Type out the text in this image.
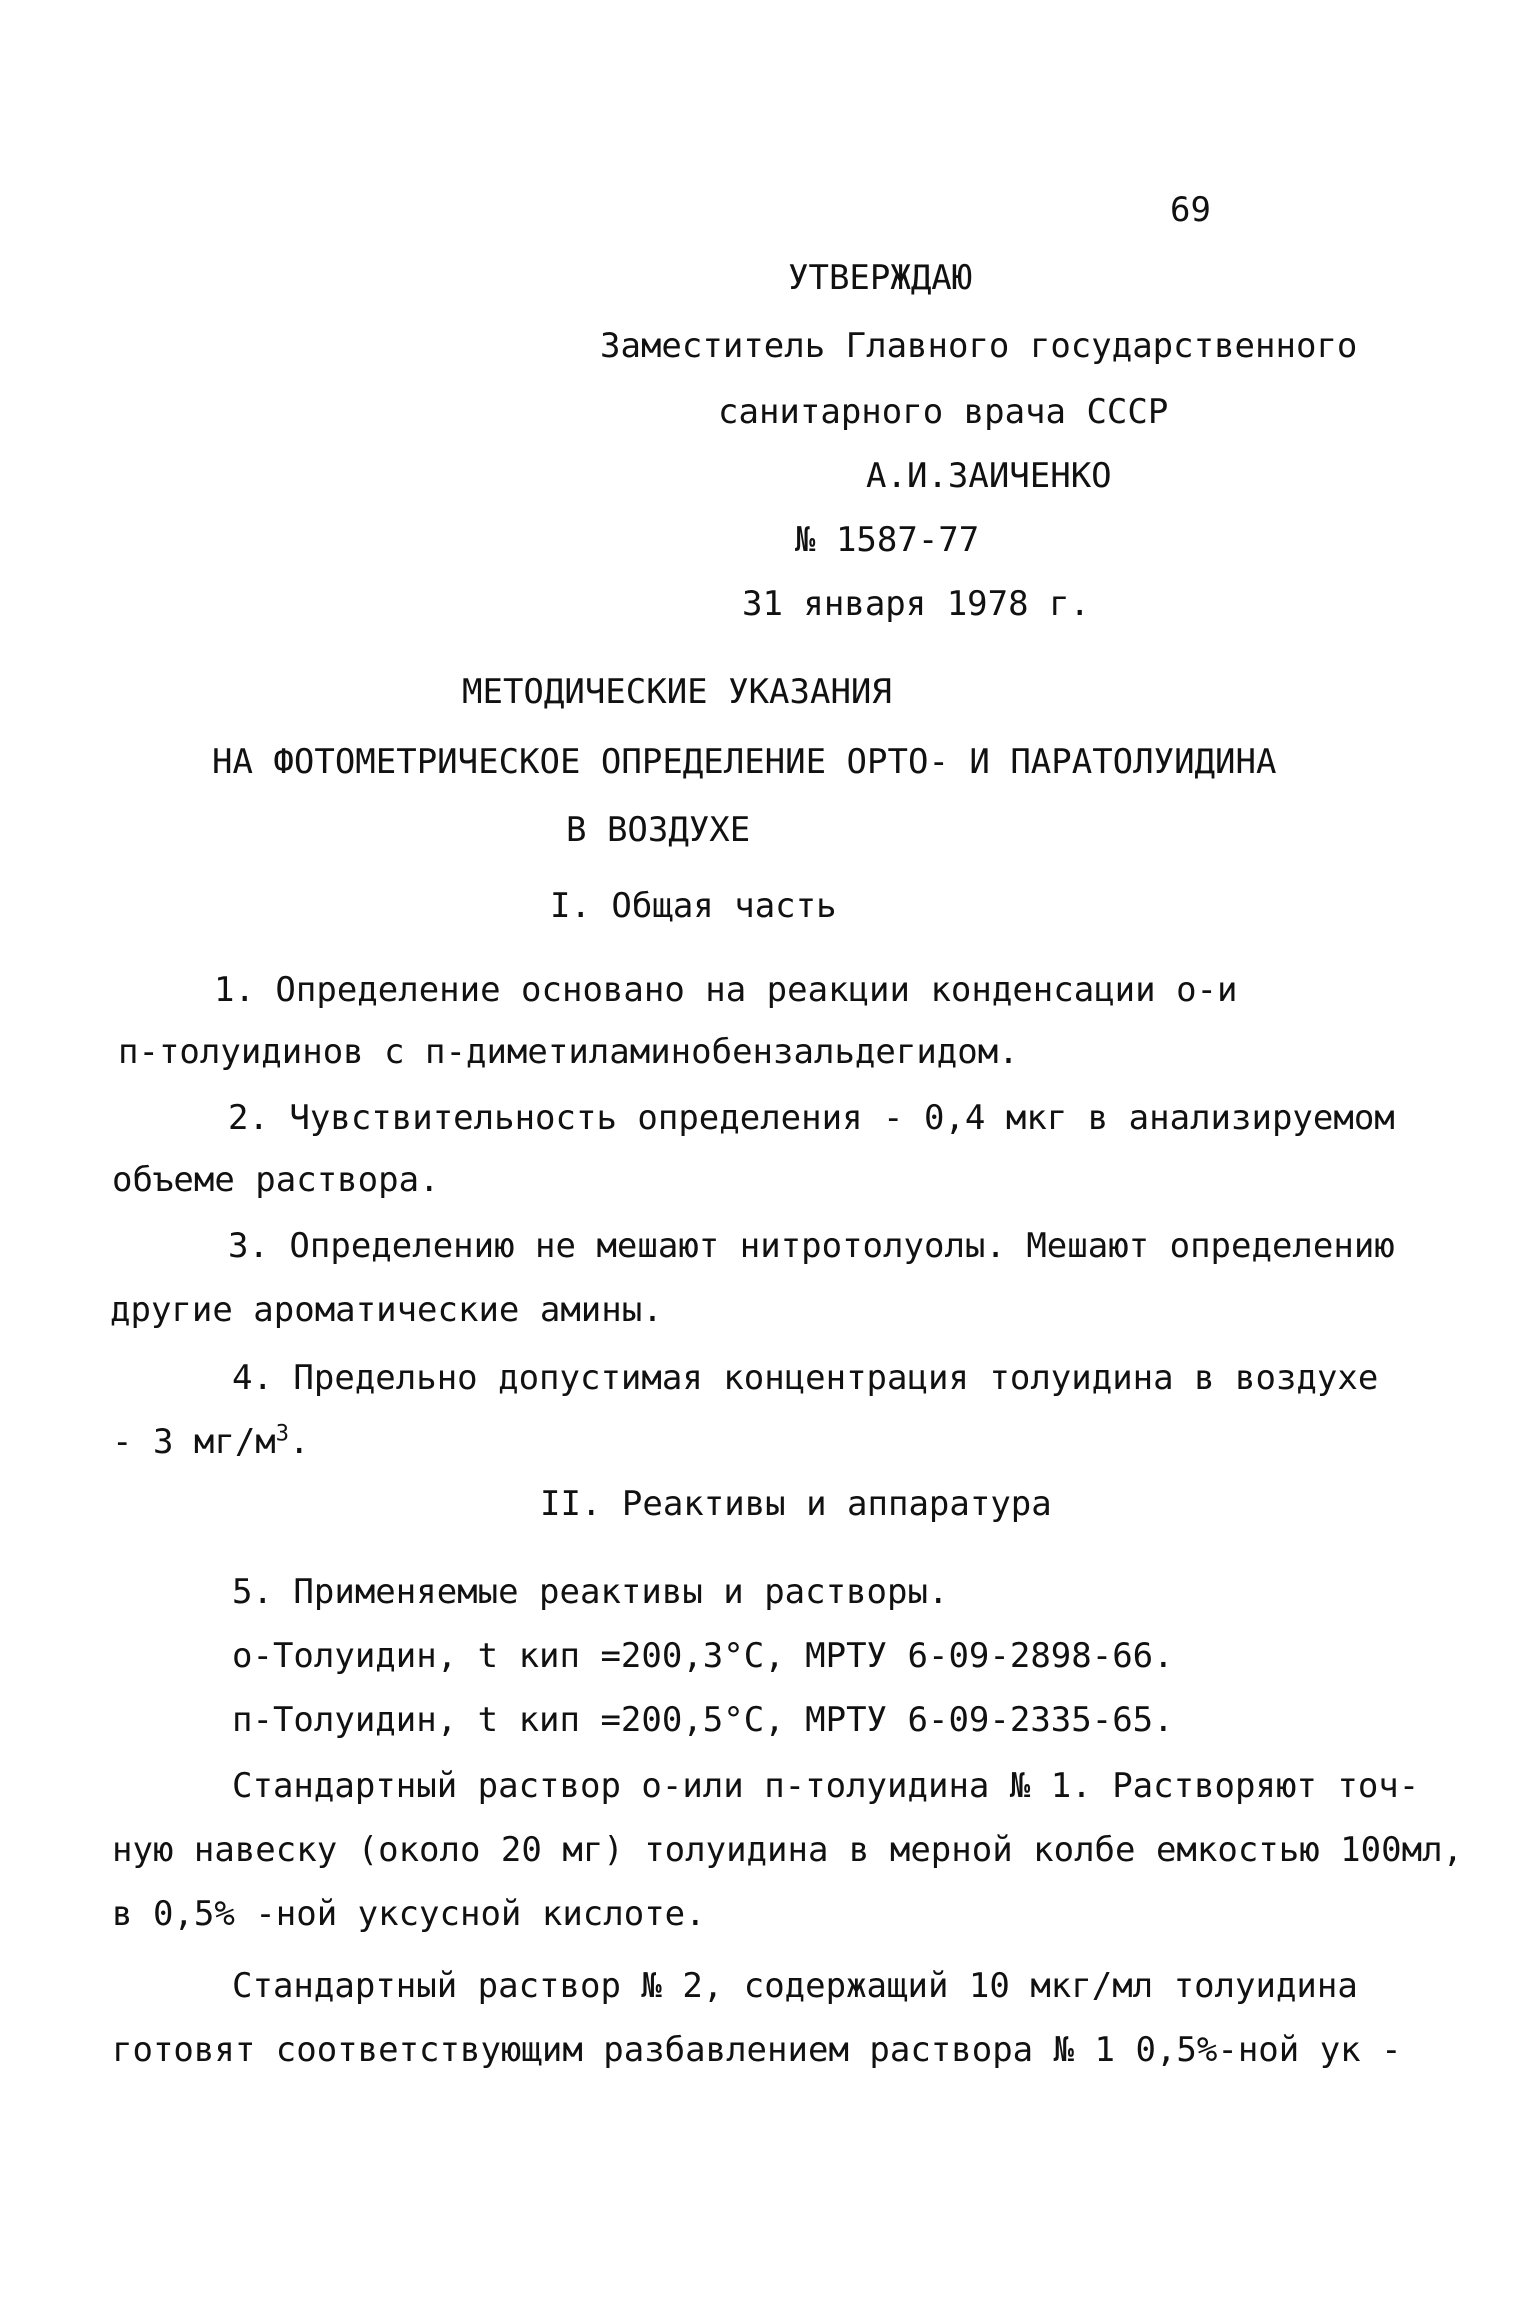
69
УТВЕРЖДАЮ
Заместитель Главного государственного
санитарного врача СССР
А.И.ЗАИЧЕНКО
№ 1587-77
31 января 1978 г.
МЕТОДИЧЕСКИЕ УКАЗАНИЯ
НА ФОТОМЕТРИЧЕСКОЕ ОПРЕДЕЛЕНИЕ ОРТО- И ПАРАТОЛУИДИНА
В ВОЗДУХЕ
I. Общая часть
1. Определение основано на реакции конденсации о-и
п-толуидинов с п-диметиламинобензальдегидом.
2. Чувствительность определения - 0,4 мкг в анализируемом
объеме раствора.
3. Определению не мешают нитротолуолы. Мешают определению
другие ароматические амины.
4. Предельно допустимая концентрация толуидина в воздухе
- 3 $мг/м^3$.
II. Реактивы и аппаратура
5. Применяемые реактивы и растворы.
о-Толуидин, t кип =200,3°С, МРТУ 6-09-2898-66.
п-Толуидин, t кип =200,5°С, МРТУ 6-09-2335-65.
Стандартный раствор о-или п-толуидина № 1. Растворяют точ-
ную навеску (около 20 мг) толуидина в мерной колбе емкостью 100мл,
в 0,5% -ной уксусной кислоте.
Стандартный раствор № 2, содержащий 10 мкг/мл толуидина
готовят соответствующим разбавлением раствора № 1 0,5%-ной ук -
